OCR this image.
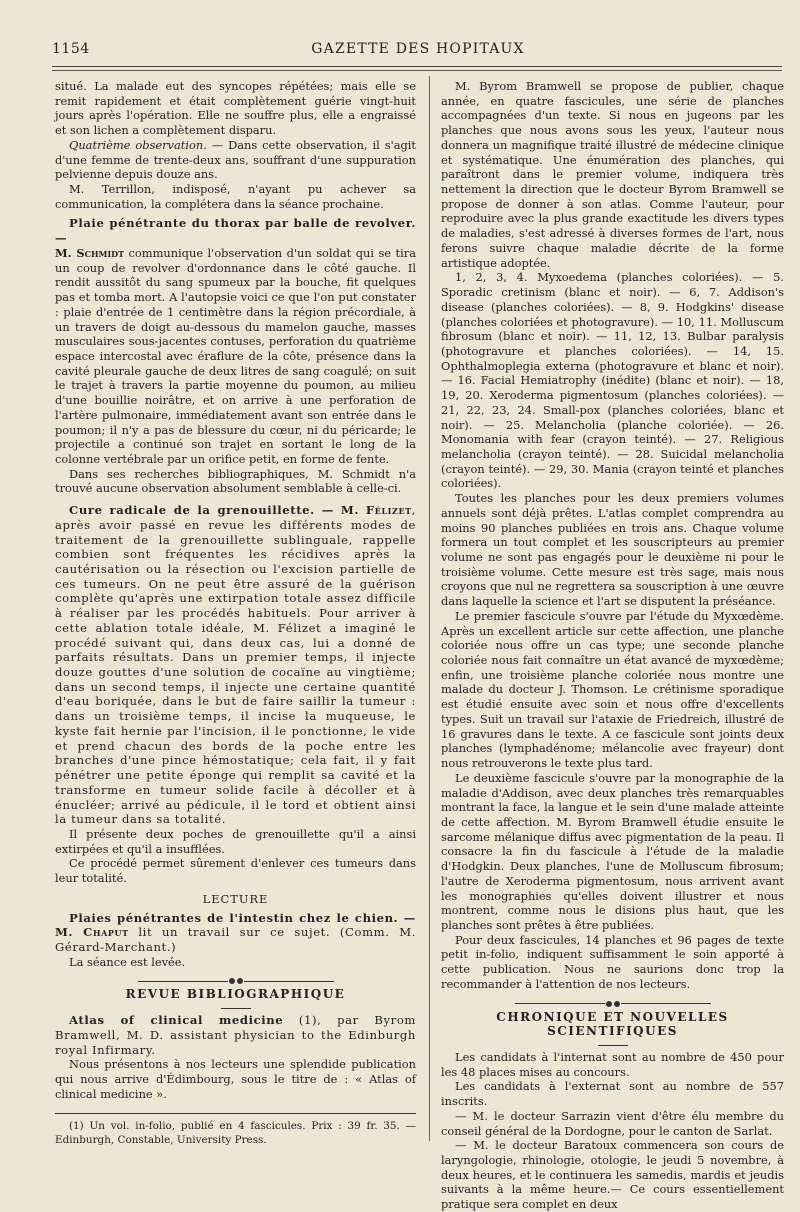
GAZETTE DES HOPITAUX
1154

situé. La malade eut des syncopes répétées; mais elle se remit rapidement et était complètement guérie vingt-huit jours après l'opération. Elle ne souffre plus, elle a engraissé et son lichen a complètement disparu.

Quatrième observation. — Dans cette observation, il s'agit d'une femme de trente-deux ans, souffrant d'une suppuration pelvienne depuis douze ans.

M. Terrillon, indisposé, n'ayant pu achever sa communication, la complétera dans la séance prochaine.

Plaie pénétrante du thorax par balle de revolver. —

M. Schmidt communique l'observation d'un soldat qui se tira un coup de revolver d'ordonnance dans le côté gauche. Il rendit aussitôt du sang spumeux par la bouche, fit quelques pas et tomba mort. A l'autopsie voici ce que l'on put constater : plaie d'entrée de 1 centimètre dans la région précordiale, à un travers de doigt au-dessous du mamelon gauche, masses musculaires sous-jacentes contuses, perforation du quatrième espace intercostal avec éraflure de la côte, présence dans la cavité pleurale gauche de deux litres de sang coagulé; on suit le trajet à travers la partie moyenne du poumon, au milieu d'une bouillie noirâtre, et on arrive à une perforation de l'artère pulmonaire, immédiatement avant son entrée dans le poumon; il n'y a pas de blessure du cœur, ni du péricarde; le projectile a continué son trajet en sortant le long de la colonne vertébrale par un orifice petit, en forme de fente.

Dans ses recherches bibliographiques, M. Schmidt n'a trouvé aucune observation absolument semblable à celle-ci.

Cure radicale de la grenouillette. — M. Félizet, après avoir passé en revue les différents modes de traitement de la grenouillette sublinguale, rappelle combien sont fréquentes les récidives après la cautérisation ou la résection ou l'excision partielle de ces tumeurs. On ne peut être assuré de la guérison complète qu'après une extirpation totale assez difficile à réaliser par les procédés habituels. Pour arriver à cette ablation totale idéale, M. Félizet a imaginé le procédé suivant qui, dans deux cas, lui a donné de parfaits résultats. Dans un premier temps, il injecte douze gouttes d'une solution de cocaïne au vingtième; dans un second temps, il injecte une certaine quantité d'eau boriquée, dans le but de faire saillir la tumeur : dans un troisième temps, il incise la muqueuse, le kyste fait hernie par l'incision, il le ponctionne, le vide et prend chacun des bords de la poche entre les branches d'une pince hémostatique; cela fait, il y fait pénétrer une petite éponge qui remplit sa cavité et la transforme en tumeur solide facile à décoller et à énucléer; arrivé au pédicule, il le tord et obtient ainsi la tumeur dans sa totalité.

Il présente deux poches de grenouillette qu'il a ainsi extirpées et qu'il a insufflées.

Ce procédé permet sûrement d'enlever ces tumeurs dans leur totalité.

LECTURE
Plaies pénétrantes de l'intestin chez le chien. — M. Chaput lit un travail sur ce sujet. (Comm. M. Gérard-Marchant.)

La séance est levée.

REVUE BIBLIOGRAPHIQUE
Atlas of clinical medicine (1), par Byrom Bramwell, M. D. assistant physician to the Edinburgh royal Infirmary.

Nous présentons à nos lecteurs une splendide publication qui nous arrive d'Édimbourg, sous le titre de : « Atlas of clinical medicine ».

(1) Un vol. in-folio, publié en 4 fascicules. Prix : 39 fr. 35. — Edinburgh, Constable, University Press.

M. Byrom Bramwell se propose de publier, chaque année, en quatre fascicules, une série de planches accompagnées d'un texte. Si nous en jugeons par les planches que nous avons sous les yeux, l'auteur nous donnera un magnifique traité illustré de médecine clinique et systématique. Une énumération des planches, qui paraîtront dans le premier volume, indiquera très nettement la direction que le docteur Byrom Bramwell se propose de donner à son atlas. Comme l'auteur, pour reproduire avec la plus grande exactitude les divers types de maladies, s'est adressé à diverses formes de l'art, nous ferons suivre chaque maladie décrite de la forme artistique adoptée.

1, 2, 3, 4. Myxoedema (planches coloriées). — 5. Sporadic cretinism (blanc et noir). — 6, 7. Addison's disease (planches coloriées). — 8, 9. Hodgkins' disease (planches coloriées et photogravure). — 10, 11. Molluscum fibrosum (blanc et noir). — 11, 12, 13. Bulbar paralysis (photogravure et planches coloriées). — 14, 15. Ophthalmoplegia externa (photogravure et blanc et noir). — 16. Facial Hemiatrophy (inédite) (blanc et noir). — 18, 19, 20. Xeroderma pigmentosum (planches coloriées). — 21, 22, 23, 24. Small-pox (planches coloriées, blanc et noir). — 25. Melancholia (planche coloriée). — 26. Monomania with fear (crayon teinté). — 27. Religious melancholia (crayon teinté). — 28. Suicidal melancholia (crayon teinté). — 29, 30. Mania (crayon teinté et planches coloriées).

Toutes les planches pour les deux premiers volumes annuels sont déjà prêtes. L'atlas complet comprendra au moins 90 planches publiées en trois ans. Chaque volume formera un tout complet et les souscripteurs au premier volume ne sont pas engagés pour le deuxième ni pour le troisième volume. Cette mesure est très sage, mais nous croyons que nul ne regrettera sa souscription à une œuvre dans laquelle la science et l'art se disputent la préséance.

Le premier fascicule s'ouvre par l'étude du Myxœdème. Après un excellent article sur cette affection, une planche coloriée nous offre un cas type; une seconde planche coloriée nous fait connaître un état avancé de myxœdème; enfin, une troisième planche coloriée nous montre une malade du docteur J. Thomson. Le crétinisme sporadique est étudié ensuite avec soin et nous offre d'excellents types. Suit un travail sur l'ataxie de Friedreich, illustré de 16 gravures dans le texte. A ce fascicule sont joints deux planches (lymphadénome; mélancolie avec frayeur) dont nous retrouverons le texte plus tard.

Le deuxième fascicule s'ouvre par la monographie de la maladie d'Addison, avec deux planches très remarquables montrant la face, la langue et le sein d'une malade atteinte de cette affection. M. Byrom Bramwell étudie ensuite le sarcome mélanique diffus avec pigmentation de la peau. Il consacre la fin du fascicule à l'étude de la maladie d'Hodgkin. Deux planches, l'une de Molluscum fibrosum; l'autre de Xeroderma pigmentosum, nous arrivent avant les monographies qu'elles doivent illustrer et nous montrent, comme nous le disions plus haut, que les planches sont prêtes à être publiées.

Pour deux fascicules, 14 planches et 96 pages de texte petit in-folio, indiquent suffisamment le soin apporté à cette publication. Nous ne saurions donc trop la recommander à l'attention de nos lecteurs.

CHRONIQUE ET NOUVELLES SCIENTIFIQUES

Les candidats à l'internat sont au nombre de 450 pour les 48 places mises au concours.

Les candidats à l'externat sont au nombre de 557 inscrits.

— M. le docteur Sarrazin vient d'être élu membre du conseil général de la Dordogne, pour le canton de Sarlat.

— M. le docteur Baratoux commencera son cours de laryngologie, rhinologie, otologie, le jeudi 5 novembre, à deux heures, et le continuera les samedis, mardis et jeudis suivants à la même heure.— Ce cours essentiellement pratique sera complet en deux
